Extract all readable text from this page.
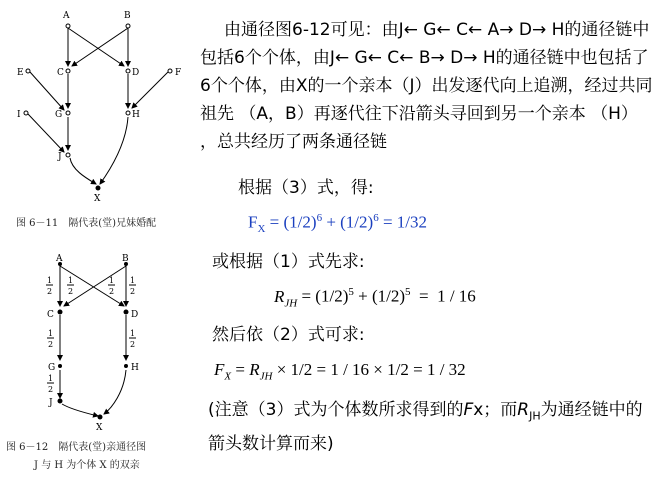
A	B
E	C	D	F
I	G	H
J
X
A	B
C	D
G	H
J
X
1
2
1
2
1
2
1
2
1
2
1
2
1
2
图 6－11　隔代表(堂)兄妹婚配
图 6－12　隔代表(堂)亲通径图
J 与 H 为个体 X 的双亲
由通径图6-12可见：由J← G← C← A→ D→ H的通径链中包括6个个体，由J← G← C← B→ D→ H的通径链中也包括了6个个体，由X的一个亲本（J）出发逐代向上追溯，经过共同祖先 （A，B）再逐代往下沿箭头寻回到另一个亲本 （H） ，总共经历了两条通径链
根据（3）式，得:
$F_X = (1/2)^6 + (1/2)^6 = 1/32$
或根据（1）式先求:
$R_{JH} = (1/2)^5 + (1/2)^5 = 1 / 16$
然后依（2）式可求:
$F_X = R_{JH} \times 1/2 = 1 / 16 \times 1/2 = 1 / 32$
(注意（3）式为个体数所求得到的Fx；而$R_{JH}$为通经链中的箭头数计算而来)
